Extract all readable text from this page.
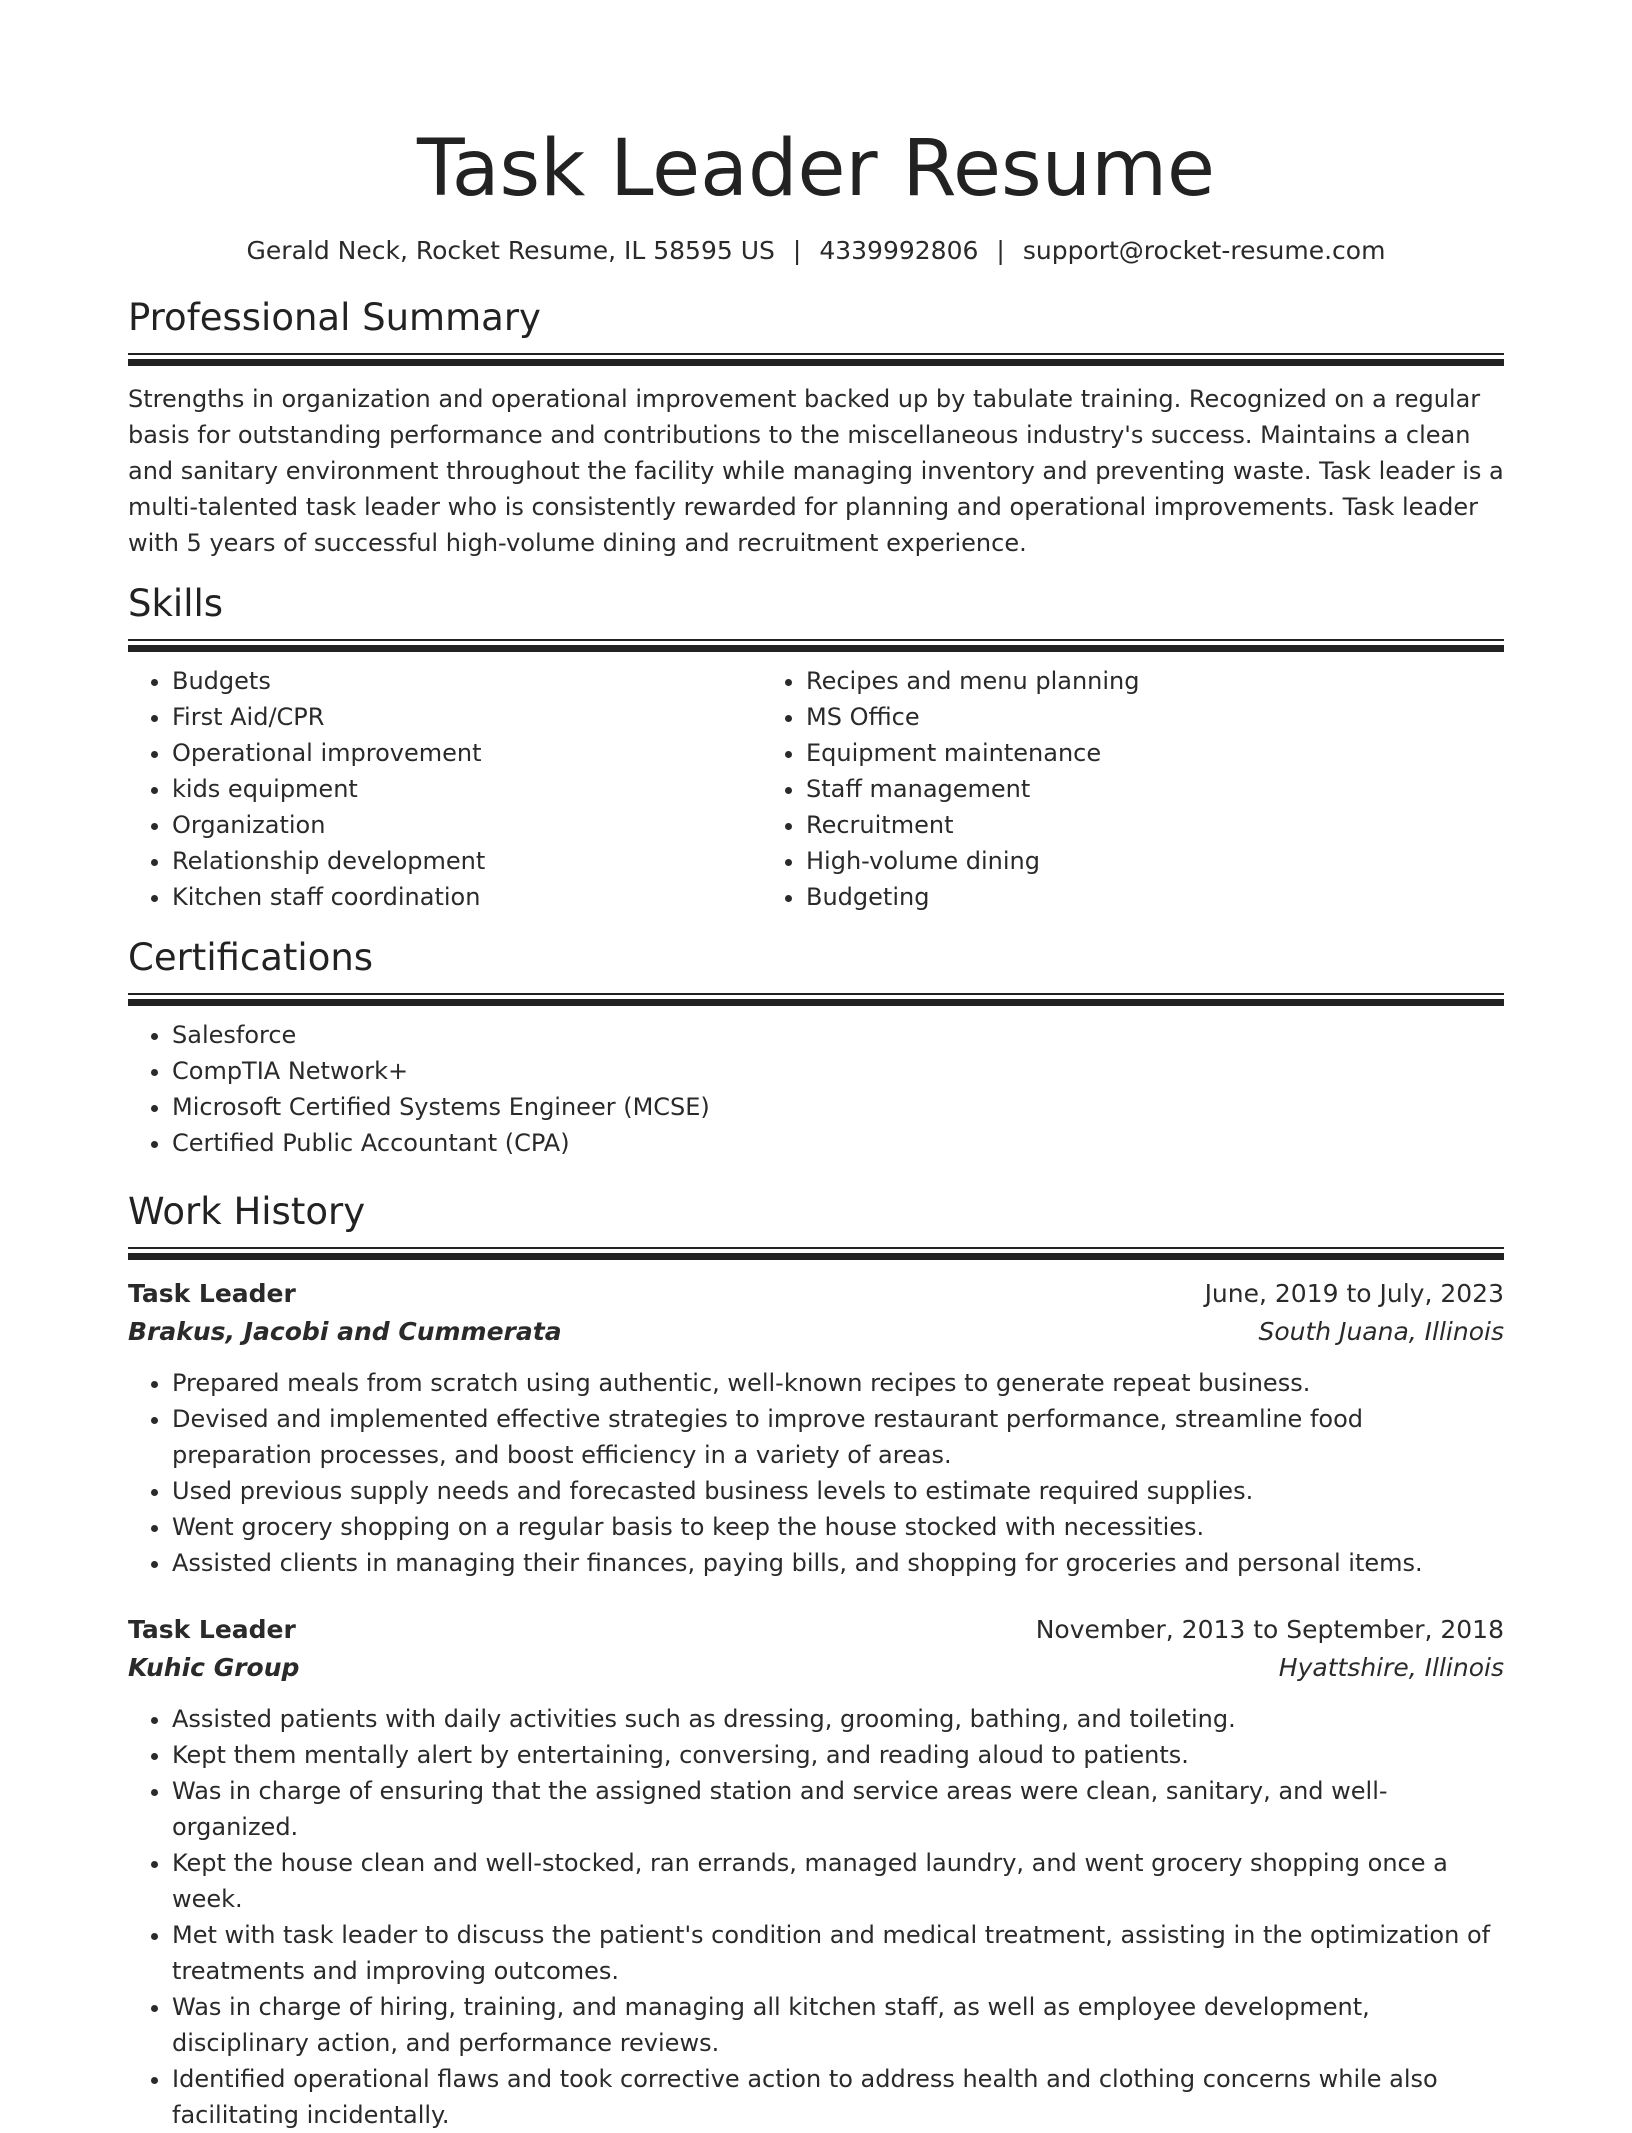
Task Leader Resume
Gerald Neck, Rocket Resume, IL 58595 US | 4339992806 | support@rocket-resume.com
Professional Summary

Strengths in organization and operational improvement backed up by tabulate training. Recognized on a regular basis for outstanding performance and contributions to the miscellaneous industry's success. Maintains a clean and sanitary environment throughout the facility while managing inventory and preventing waste. Task leader is a multi-talented task leader who is consistently rewarded for planning and operational improvements. Task leader with 5 years of successful high-volume dining and recruitment experience.

Skills
• Budgets
• First Aid/CPR
• Operational improvement
• kids equipment
• Organization
• Relationship development
• Kitchen staff coordination
• Recipes and menu planning
• MS Office
• Equipment maintenance
• Staff management
• Recruitment
• High-volume dining
• Budgeting
Certifications
• Salesforce
• CompTIA Network+
• Microsoft Certified Systems Engineer (MCSE)
• Certified Public Accountant (CPA)
Work History
Task Leader	June, 2019 to July, 2023
Brakus, Jacobi and Cummerata	South Juana, Illinois
• Prepared meals from scratch using authentic, well-known recipes to generate repeat business.
• Devised and implemented effective strategies to improve restaurant performance, streamline food preparation processes, and boost efficiency in a variety of areas.
• Used previous supply needs and forecasted business levels to estimate required supplies.
• Went grocery shopping on a regular basis to keep the house stocked with necessities.
• Assisted clients in managing their finances, paying bills, and shopping for groceries and personal items.
Task Leader	November, 2013 to September, 2018
Kuhic Group	Hyattshire, Illinois
• Assisted patients with daily activities such as dressing, grooming, bathing, and toileting.
• Kept them mentally alert by entertaining, conversing, and reading aloud to patients.
• Was in charge of ensuring that the assigned station and service areas were clean, sanitary, and well-organized.
• Kept the house clean and well-stocked, ran errands, managed laundry, and went grocery shopping once a week.
• Met with task leader to discuss the patient's condition and medical treatment, assisting in the optimization of treatments and improving outcomes.
• Was in charge of hiring, training, and managing all kitchen staff, as well as employee development, disciplinary action, and performance reviews.
• Identified operational flaws and took corrective action to address health and clothing concerns while also facilitating incidentally.
